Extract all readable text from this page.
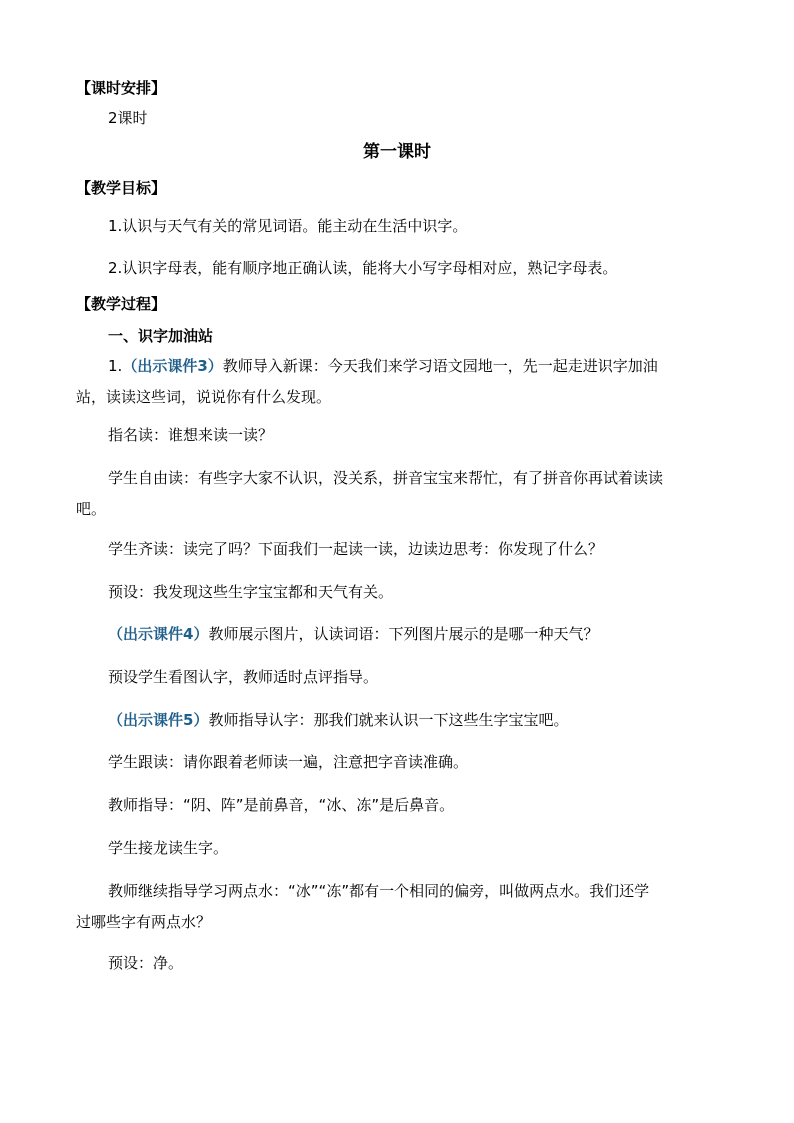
【课时安排】
2课时
第一课时
【教学目标】
1.认识与天气有关的常见词语。能主动在生活中识字。
2.认识字母表，能有顺序地正确认读，能将大小写字母相对应，熟记字母表。
【教学过程】
一、识字加油站
1.（出示课件3）教师导入新课：今天我们来学习语文园地一，先一起走进识字加油
站，读读这些词，说说你有什么发现。
指名读：谁想来读一读？
学生自由读：有些字大家不认识，没关系，拼音宝宝来帮忙，有了拼音你再试着读读
吧。
学生齐读：读完了吗？下面我们一起读一读，边读边思考：你发现了什么？
预设：我发现这些生字宝宝都和天气有关。
（出示课件4）教师展示图片，认读词语：下列图片展示的是哪一种天气？
预设学生看图认字，教师适时点评指导。
（出示课件5）教师指导认字：那我们就来认识一下这些生字宝宝吧。
学生跟读：请你跟着老师读一遍，注意把字音读准确。
教师指导：“阴、阵”是前鼻音，“冰、冻”是后鼻音。
学生接龙读生字。
教师继续指导学习两点水：“冰”“冻”都有一个相同的偏旁，叫做两点水。我们还学
过哪些字有两点水？
预设：净。
